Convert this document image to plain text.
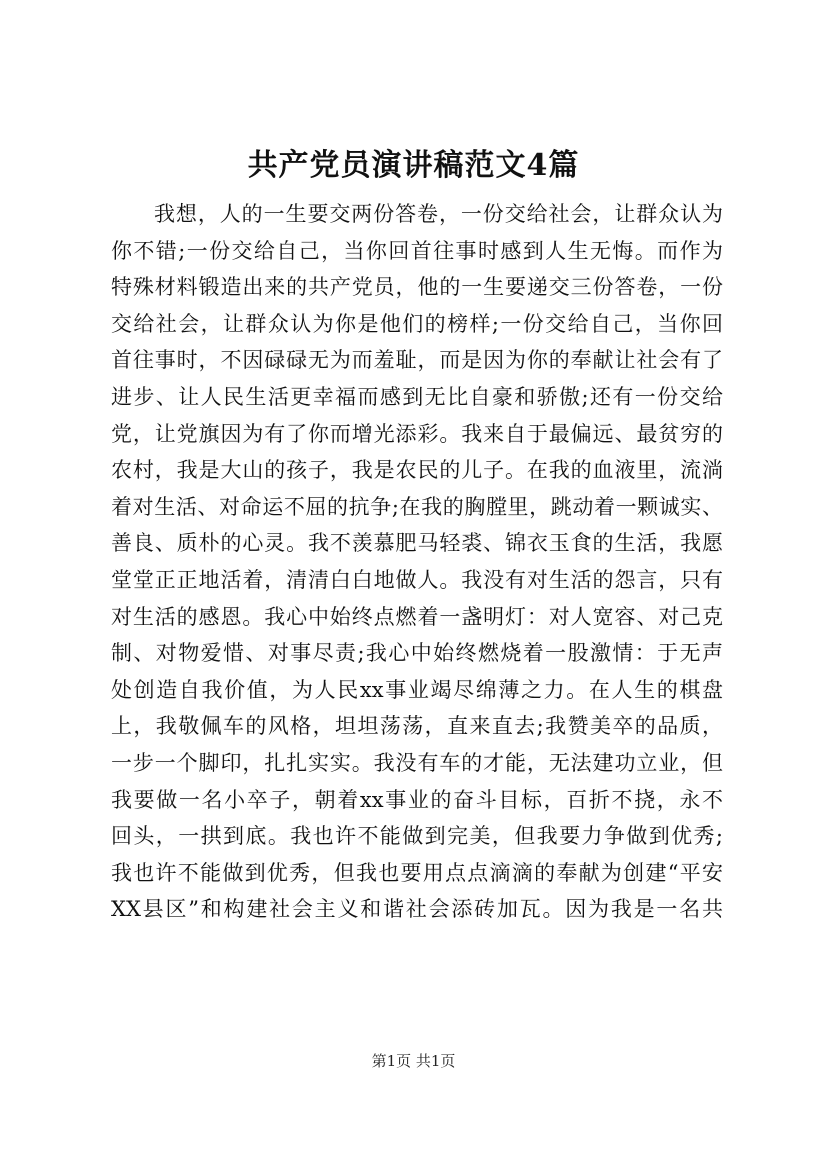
共产党员演讲稿范文4篇
我想，人的一生要交两份答卷，一份交给社会，让群众认为
你不错;一份交给自己，当你回首往事时感到人生无悔。而作为
特殊材料锻造出来的共产党员，他的一生要递交三份答卷，一份
交给社会，让群众认为你是他们的榜样;一份交给自己，当你回
首往事时，不因碌碌无为而羞耻，而是因为你的奉献让社会有了
进步、让人民生活更幸福而感到无比自豪和骄傲;还有一份交给
党，让党旗因为有了你而增光添彩。我来自于最偏远、最贫穷的
农村，我是大山的孩子，我是农民的儿子。在我的血液里，流淌
着对生活、对命运不屈的抗争;在我的胸膛里，跳动着一颗诚实、
善良、质朴的心灵。我不羡慕肥马轻裘、锦衣玉食的生活，我愿
堂堂正正地活着，清清白白地做人。我没有对生活的怨言，只有
对生活的感恩。我心中始终点燃着一盏明灯：对人宽容、对己克
制、对物爱惜、对事尽责;我心中始终燃烧着一股激情：于无声
处创造自我价值，为人民xx事业竭尽绵薄之力。在人生的棋盘
上，我敬佩车的风格，坦坦荡荡，直来直去;我赞美卒的品质，
一步一个脚印，扎扎实实。我没有车的才能，无法建功立业，但
我要做一名小卒子，朝着xx事业的奋斗目标，百折不挠，永不
回头，一拱到底。我也许不能做到完美，但我要力争做到优秀;
我也许不能做到优秀，但我也要用点点滴滴的奉献为创建“平安
XX县区”和构建社会主义和谐社会添砖加瓦。因为我是一名共
第1页 共1页
